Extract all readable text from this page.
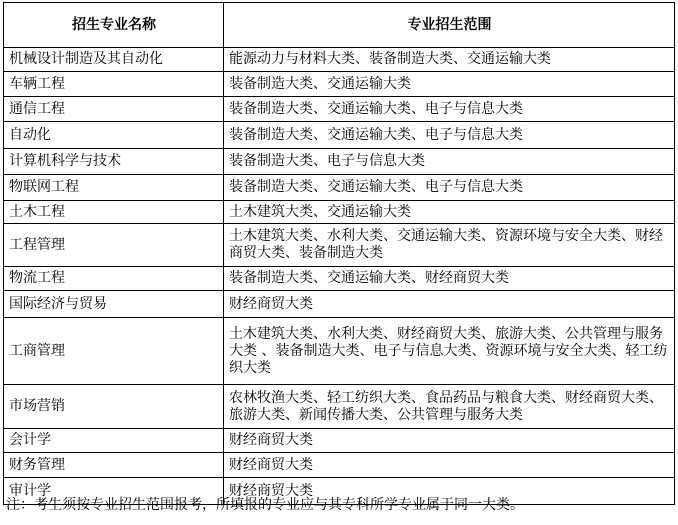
招生专业名称	专业招生范围
机械设计制造及其自动化	能源动力与材料大类、装备制造大类、交通运输大类
车辆工程	装备制造大类、交通运输大类
通信工程	装备制造大类、交通运输大类、电子与信息大类
自动化	装备制造大类、交通运输大类、电子与信息大类
计算机科学与技术	装备制造大类、电子与信息大类
物联网工程	装备制造大类、交通运输大类、电子与信息大类
土木工程	土木建筑大类、交通运输大类
工程管理	土木建筑大类、水利大类、交通运输大类、资源环境与安全大类、财经商贸大类、装备制造大类
物流工程	装备制造大类、交通运输大类、财经商贸大类
国际经济与贸易	财经商贸大类
工商管理	土木建筑大类、水利大类、财经商贸大类、旅游大类、公共管理与服务大类 、装备制造大类、电子与信息大类、资源环境与安全大类、轻工纺织大类
市场营销	农林牧渔大类、轻工纺织大类、食品药品与粮食大类、财经商贸大类、旅游大类、新闻传播大类、公共管理与服务大类
会计学	财经商贸大类
财务管理	财经商贸大类
审计学	财经商贸大类
注：考生须按专业招生范围报考，所填报的专业应与其专科所学专业属于同一大类。
